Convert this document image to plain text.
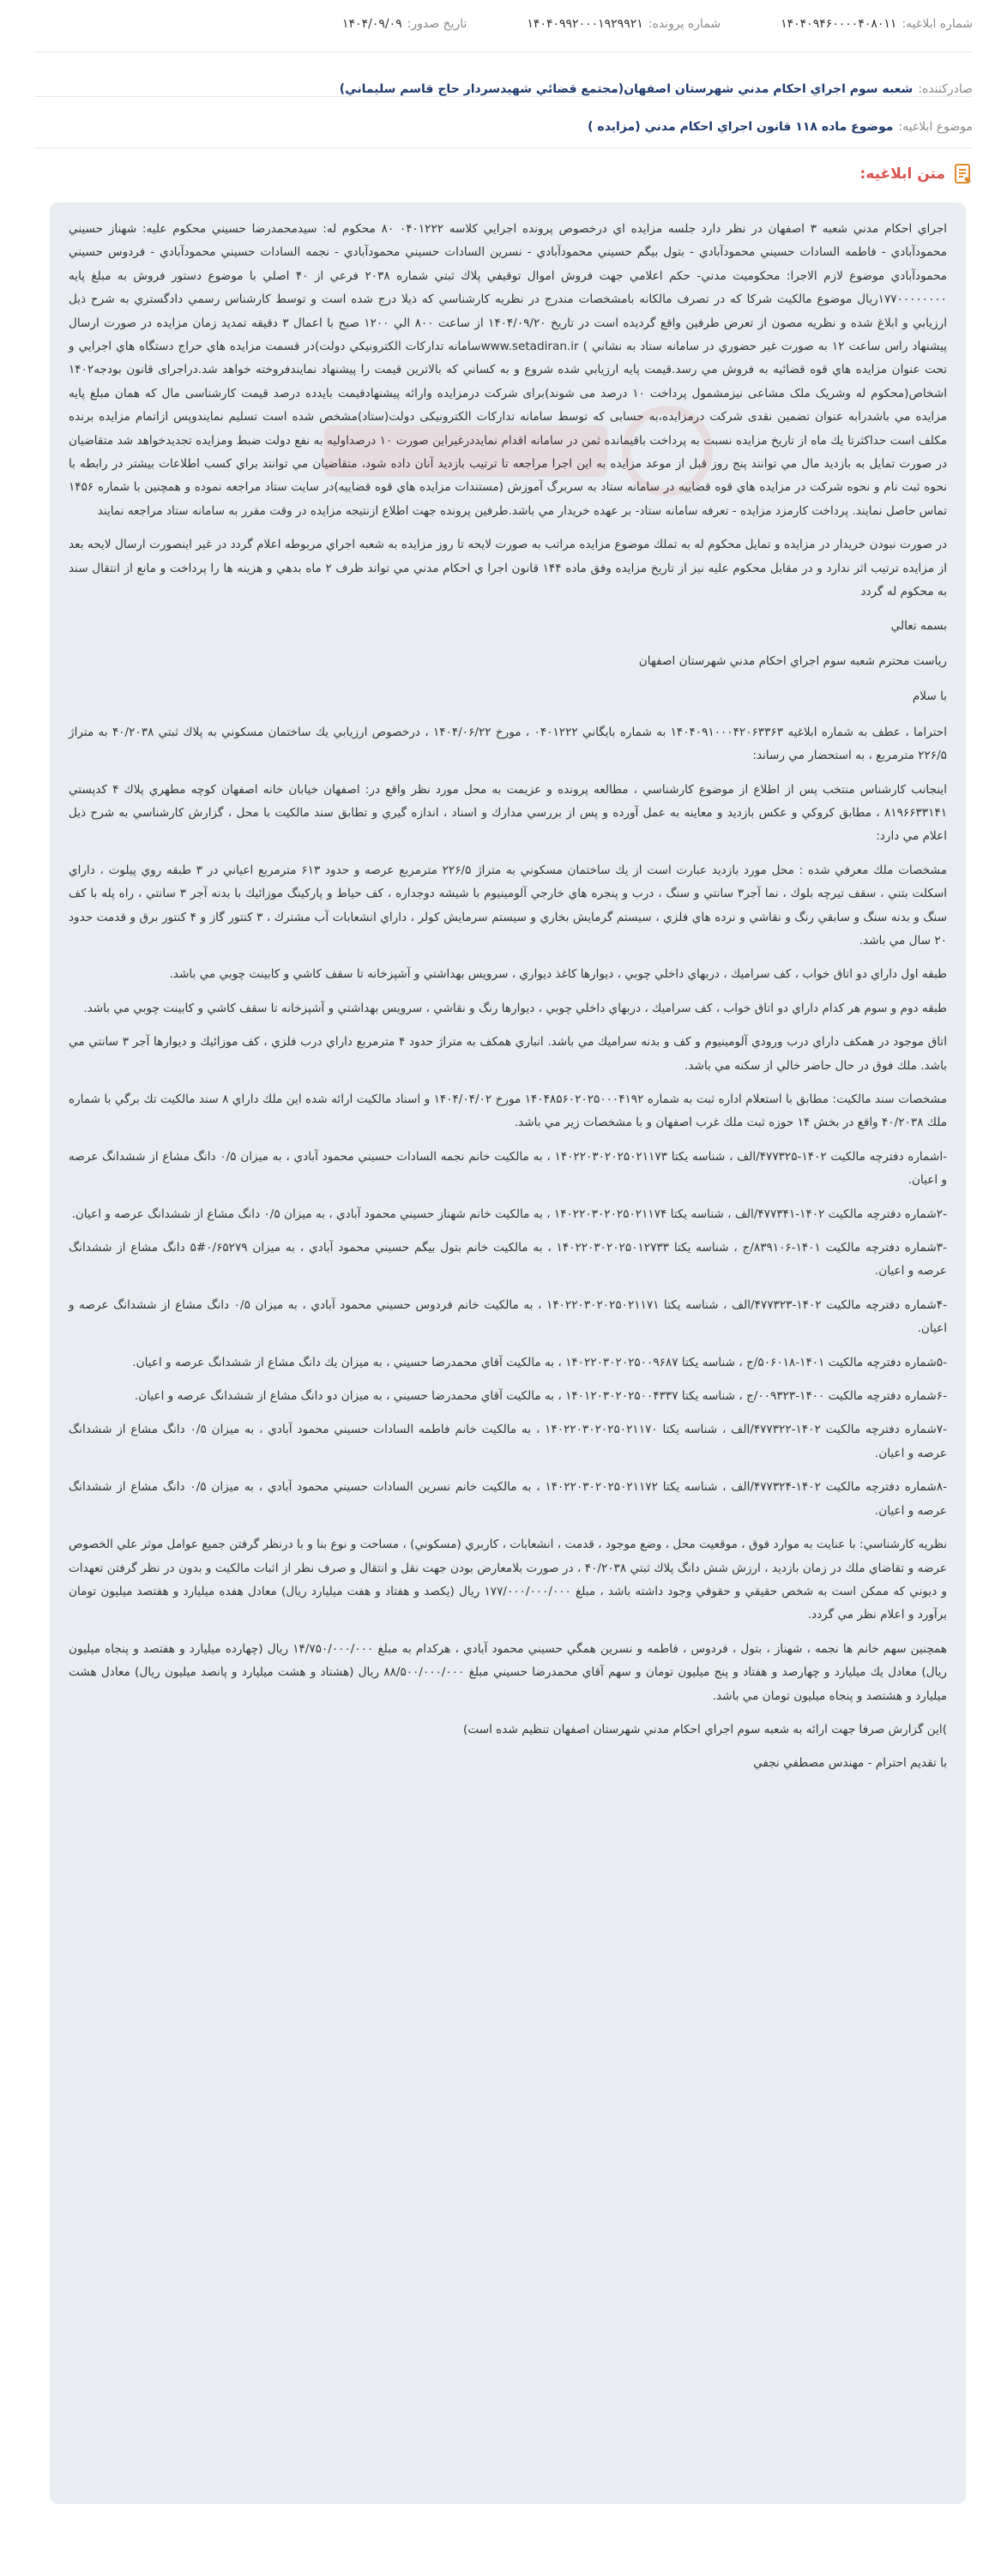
شماره ابلاغيه:
۱۴۰۴۰۹۴۶۰۰۰۰۴۰۸۰۱۱
شماره پرونده:
۱۴۰۴۰۹۹۲۰۰۰۱۹۲۹۹۲۱
تاريخ صدور:
۱۴۰۴/۰۹/۰۹
صادرکننده:
شعبه سوم اجراي احكام مدني شهرستان اصفهان(مجتمع قضائي شهيدسردار حاج قاسم سليماني)
موضوع ابلاغیه:
موضوع ماده ۱۱۸ قانون اجراي احكام مدني (مزايده )
متن ابلاغیه:

اجراي احكام مدني شعبه ۳ اصفهان در نظر دارد جلسه مزايده اي درخصوص پرونده اجرايي كلاسه ۰۴۰۱۲۲۲ ۸۰ محکوم له: سیدمحمدرضا حسيني محکوم علیه: شهناز حسيني محمودآبادي - فاطمه السادات حسيني محمودآبادي - بتول بيگم حسيني محمودآبادي - نسرين السادات حسيني محمودآبادي - نجمه السادات حسيني محمودآبادي - فردوس حسيني محمودآبادي موضوع لازم الاجرا: محکومیت مدني- حكم اعلامي جهت فروش اموال توقيفي پلاك ثبتي شماره ۲۰۳۸ فرعي از ۴۰ اصلي با موضوع دستور فروش به مبلغ پايه ۱۷۷۰۰۰۰۰۰۰۰ريال موضوع مالكيت شركا كه در تصرف مالكانه بامشخصات مندرج در نظريه كارشناسي كه ذيلا درج شده است و توسط كارشناس رسمي دادگستري به شرح ذيل ارزيابي و ابلاغ شده و نظريه مصون از تعرض طرفين واقع گرديده است در تاريخ ۱۴۰۴/۰۹/۲۰ از ساعت ۸۰۰ الي ۱۲۰۰ صبح با اعمال ۳ دقيقه تمديد زمان مزايده در صورت ارسال پيشنهاد راس ساعت ۱۲ به صورت غير حضوري در سامانه ستاد به نشاني ) www.setadiran.irسامانه تداركات الكترونيكي دولت)در قسمت مزايده هاي حراج دستگاه هاي اجرايي و تحت عنوان مزايده هاي قوه قضائيه به فروش مي رسد.قيمت پايه ارزيابي شده شروع و به كساني كه بالاترين قيمت را پيشنهاد نمايندفروخته خواهد شد.دراجرای قانون بودجه۱۴۰۲ اشخاص(محکوم له وشریک ملک مشاعی نیزمشمول پرداخت ۱۰ درصد می شوند)برای شرکت درمزایده وارائه پیشنهادقیمت بایدده درصد قیمت کارشناسی مال كه همان مبلغ پايه مزايده مي باشدرابه عنوان تضمين نقدی شرکت درمزایده،به حسابی که توسط سامانه تدارکات الکترونیکی دولت(ستاد)مشخص شده است تسلیم نمایندوپس ازاتمام مزايده برنده مكلف است حداكثرتا يك ماه از تاريخ مزايده نسبت به پرداخت باقيمانده ثمن در سامانه اقدام نمايددرغيراين صورت ۱۰ درصداوليه به نفع دولت ضبط ومزايده تجديدخواهد شد متقاضيان در صورت تمايل به بازديد مال مي توانند پنج روز قبل از موعد مزايده به اين اجرا مراجعه تا ترتيب بازديد آنان داده شود، متقاضيان مي توانند براي كسب اطلاعات بيشتر در رابطه با نحوه ثبت نام و نحوه شركت در مزايده هاي قوه قضاييه در سامانه ستاد به سربرگ آموزش (مستندات مزايده هاي قوه قضاييه)در سايت ستاد مراجعه نموده و همچنين با شماره ۱۴۵۶ تماس حاصل نمايند. پرداخت كارمزد مزايده - تعرفه سامانه ستاد- بر عهده خريدار مي باشد.طرفين پرونده جهت اطلاع ازنتيجه مزايده در وقت مقرر به سامانه ستاد مراجعه نمايند

در صورت نبودن خريدار در مزايده و تمايل محكوم له به تملك موضوع مزايده مراتب به صورت لايحه تا روز مزايده به شعبه اجراي مربوطه اعلام گردد در غير اينصورت ارسال لايحه بعد از مزايده ترتيب اثر ندارد و در مقابل محكوم عليه نيز از تاريخ مزايده وفق ماده ۱۴۴ قانون اجرا ي احكام مدني مي تواند ظرف ۲ ماه بدهي و هزينه ها را پرداخت و مانع از انتقال سند به محكوم له گردد

بسمه تعالي

رياست محترم شعبه سوم اجراي احكام مدني شهرستان اصفهان

با سلام

احتراما ، عطف به شماره ابلاغيه ۱۴۰۴۰۹۱۰۰۰۴۲۰۶۳۳۶۳ به شماره بايگاني ۰۴۰۱۲۲۲ ، مورخ ۱۴۰۴/۰۶/۲۲ ، درخصوص ارزيابي يك ساختمان مسكوني به پلاك ثبتي ۴۰/۲۰۳۸ به متراژ ۲۲۶/۵ مترمربع ، به استحضار مي رساند:

اينجانب كارشناس منتخب پس از اطلاع از موضوع كارشناسي ، مطالعه پرونده و عزيمت به محل مورد نظر واقع در: اصفهان خيابان خانه اصفهان كوچه مطهري پلاك ۴ كدپستي ۸۱۹۶۶۳۳۱۴۱ ، مطابق كروكي و عكس بازديد و معاينه به عمل آورده و پس از بررسي مدارك و اسناد ، اندازه گيري و تطابق سند مالكيت با محل ، گزارش كارشناسي به شرح ذيل اعلام مي دارد:

مشخصات ملك معرفي شده : محل مورد بازديد عبارت است از يك ساختمان مسكوني به متراژ ۲۲۶/۵ مترمربع عرصه و حدود ۶۱۳ مترمربع اعياني در ۳ طبقه روي پيلوت ، داراي اسكلت بتني ، سقف تيرچه بلوك ، نما آجر۳ سانتي و سنگ ، درب و پنجره هاي خارجي آلومينيوم با شيشه دوجداره ، كف حياط و پاركينگ موزائيك با بدنه آجر ۳ سانتي ، راه پله با كف سنگ و بدنه سنگ و سابقي رنگ و نقاشي و نرده هاي فلزي ، سيستم گرمايش بخاري و سيستم سرمايش كولر ، داراي انشعابات آب مشترك ، ۳ كنتور گاز و ۴ كنتور برق و قدمت حدود ۲۰ سال مي باشد.

طبقه اول داراي دو اتاق خواب ، كف سراميك ، دربهاي داخلي چوبي ، ديوارها كاغذ ديواري ، سرويس بهداشتي و آشپزخانه تا سقف كاشي و كابينت چوبي مي باشد.

طبقه دوم و سوم هر كدام داراي دو اتاق خواب ، كف سراميك ، دربهاي داخلي چوبي ، ديوارها رنگ و نقاشي ، سرويس بهداشتي و آشپزخانه تا سقف كاشي و كابينت چوبي مي باشد.

اتاق موجود در همكف داراي درب ورودي آلومينيوم و كف و بدنه سراميك مي باشد. انباري همكف به متراژ حدود ۴ مترمربع داراي درب فلزي ، كف موزائيك و ديوارها آجر ۳ سانتي مي باشد. ملك فوق در حال حاضر خالي از سكنه مي باشد.

مشخصات سند مالكيت: مطابق با استعلام اداره ثبت به شماره ۱۴۰۴۸۵۶۰۲۰۲۵۰۰۰۴۱۹۲ مورخ ۱۴۰۴/۰۴/۰۲ و اسناد مالكيت ارائه شده اين ملك داراي ۸ سند مالكيت تك برگي با شماره ملك ۴۰/۲۰۳۸ واقع در بخش ۱۴ حوزه ثبت ملك غرب اصفهان و با مشخصات زير مي باشد.

-اشماره دفترچه مالكيت ۱۴۰۲-۴۷۷۳۲۵/الف ، شناسه يكتا ۱۴۰۲۲۰۳۰۲۰۲۵۰۲۱۱۷۳ ، به مالكيت خانم نجمه السادات حسيني محمود آبادي ، به ميزان ۰/۵ دانگ مشاع از ششدانگ عرصه و اعيان.

-۲شماره دفترچه مالكيت ۱۴۰۲-۴۷۷۳۴۱/الف ، شناسه يكتا ۱۴۰۲۲۰۳۰۲۰۲۵۰۲۱۱۷۴ ، به مالكيت خانم شهناز حسيني محمود آبادي ، به ميزان ۰/۵ دانگ مشاع از ششدانگ عرصه و اعيان.

-۳شماره دفترچه مالكيت ۱۴۰۱-۸۳۹۱۰۶/ج ، شناسه يكتا ۱۴۰۲۲۰۳۰۲۰۲۵۰۱۲۷۳۳ ، به مالكيت خانم بتول بيگم حسيني محمود آبادي ، به ميزان ۰/۶۵۲۷۹#۵ دانگ مشاع از ششدانگ عرصه و اعيان.

-۴شماره دفترچه مالكيت ۱۴۰۲-۴۷۷۳۲۳/الف ، شناسه يكتا ۱۴۰۲۲۰۳۰۲۰۲۵۰۲۱۱۷۱ ، به مالكيت خانم فردوس حسيني محمود آبادي ، به ميزان ۰/۵ دانگ مشاع از ششدانگ عرصه و اعيان.

-۵شماره دفترچه مالكيت ۱۴۰۱-۵۰۶۰۱۸/ج ، شناسه يكتا ۱۴۰۲۲۰۳۰۲۰۲۵۰۰۹۶۸۷ ، به مالكيت آقاي محمدرضا حسيني ، به ميزان يك دانگ مشاع از ششدانگ عرصه و اعيان.

-۶شماره دفترچه مالكيت ۱۴۰۰-۰۰۹۳۲۳/ج ، شناسه يكتا ۱۴۰۱۲۰۳۰۲۰۲۵۰۰۴۳۳۷ ، به مالكيت آقاي محمدرضا حسيني ، به ميزان دو دانگ مشاع از ششدانگ عرصه و اعيان.

-۷شماره دفترچه مالكيت ۱۴۰۲-۴۷۷۳۲۲/الف ، شناسه يكتا ۱۴۰۲۲۰۳۰۲۰۲۵۰۲۱۱۷۰ ، به مالكيت خانم فاطمه السادات حسيني محمود آبادي ، به ميزان ۰/۵ دانگ مشاع از ششدانگ عرصه و اعيان.

-۸شماره دفترچه مالكيت ۱۴۰۲-۴۷۷۳۲۴/الف ، شناسه يكتا ۱۴۰۲۲۰۳۰۲۰۲۵۰۲۱۱۷۲ ، به مالكيت خانم نسرين السادات حسيني محمود آبادي ، به ميزان ۰/۵ دانگ مشاع از ششدانگ عرصه و اعيان.

نظريه كارشناسي: با عنايت به موارد فوق ، موقعيت محل ، وضع موجود ، قدمت ، انشعابات ، كاربري (مسكوني) ، مساحت و نوع بنا و با درنظر گرفتن جميع عوامل موثر علي الخصوص عرضه و تقاضاي ملك در زمان بازديد ، ارزش شش دانگ پلاك ثبتي ۴۰/۲۰۳۸ ، در صورت بلامعارض بودن جهت نقل و انتقال و صرف نظر از اثبات مالكيت و بدون در نظر گرفتن تعهدات و ديوني كه ممكن است به شخص حقيقي و حقوقي وجود داشته باشد ، مبلغ ۱۷۷/۰۰۰/۰۰۰/۰۰۰ ريال (يكصد و هفتاد و هفت ميليارد ريال) معادل هفده ميليارد و هفتصد ميليون تومان برآورد و اعلام نظر مي گردد.

همچنين سهم خانم ها نجمه ، شهناز ، بتول ، فردوس ، فاطمه و نسرين همگي حسيني محمود آبادي ، هركدام به مبلغ ۱۴/۷۵۰/۰۰۰/۰۰۰ ريال (چهارده ميليارد و هفتصد و پنجاه ميليون ريال) معادل يك ميليارد و چهارصد و هفتاد و پنج ميليون تومان و سهم آقاي محمدرضا حسيني مبلغ ۸۸/۵۰۰/۰۰۰/۰۰۰ ريال (هشتاد و هشت ميليارد و پانصد ميليون ريال) معادل هشت ميليارد و هشتصد و پنجاه ميليون تومان مي باشد.

)اين گزارش صرفا جهت ارائه به شعبه سوم اجراي احكام مدني شهرستان اصفهان تنظيم شده است)

با تقديم احترام - مهندس مصطفي نجفي
